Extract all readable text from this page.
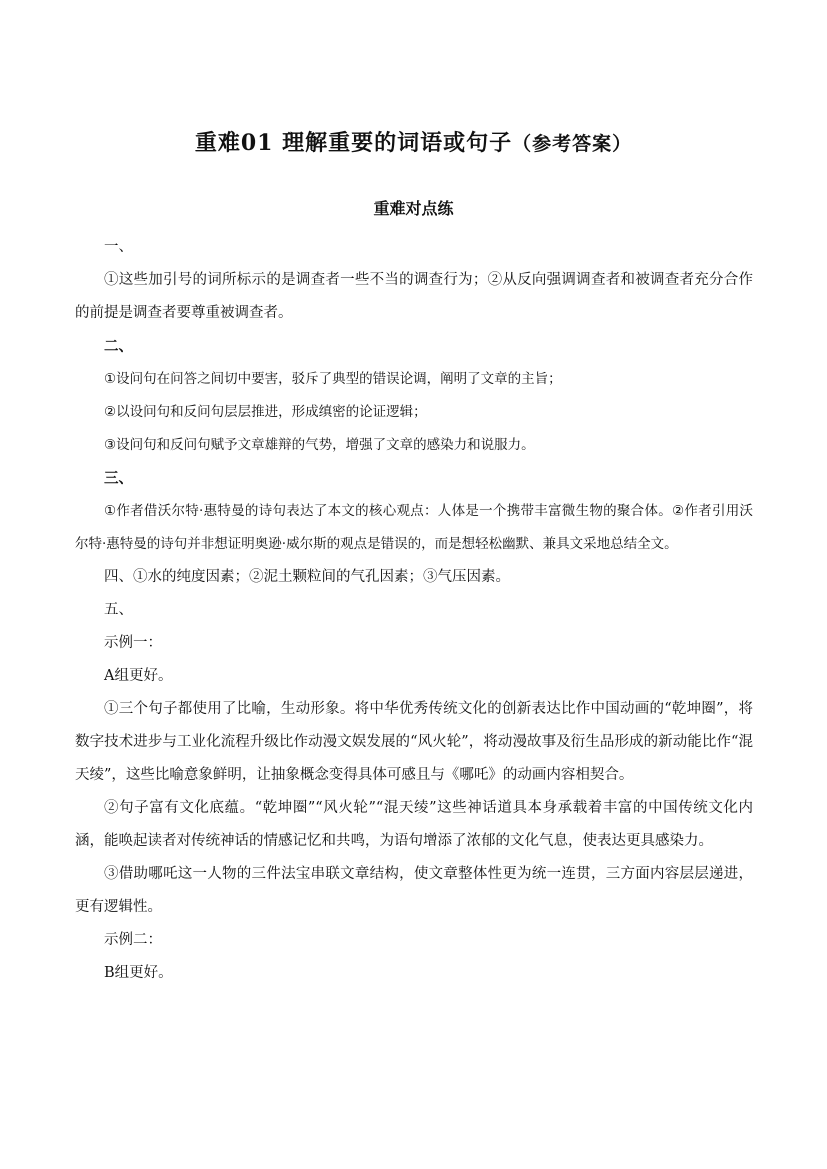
重难01 理解重要的词语或句子（参考答案）
重难对点练

一、

①这些加引号的词所标示的是调查者一些不当的调查行为；②从反向强调调查者和被调查者充分合作的前提是调查者要尊重被调查者。

二、

①设问句在问答之间切中要害，驳斥了典型的错误论调，阐明了文章的主旨；

②以设问句和反问句层层推进，形成缜密的论证逻辑；

③设问句和反问句赋予文章雄辩的气势，增强了文章的感染力和说服力。

三、

①作者借沃尔特·惠特曼的诗句表达了本文的核心观点：人体是一个携带丰富微生物的聚合体。②作者引用沃尔特·惠特曼的诗句并非想证明奥逊·威尔斯的观点是错误的，而是想轻松幽默、兼具文采地总结全文。

四、①水的纯度因素；②泥土颗粒间的气孔因素；③气压因素。

五、

示例一：

A组更好。

①三个句子都使用了比喻，生动形象。将中华优秀传统文化的创新表达比作中国动画的“乾坤圈”，将数字技术进步与工业化流程升级比作动漫文娱发展的“风火轮”，将动漫故事及衍生品形成的新动能比作“混天绫”，这些比喻意象鲜明，让抽象概念变得具体可感且与《哪吒》的动画内容相契合。

②句子富有文化底蕴。“乾坤圈”“风火轮”“混天绫”这些神话道具本身承载着丰富的中国传统文化内涵，能唤起读者对传统神话的情感记忆和共鸣，为语句增添了浓郁的文化气息，使表达更具感染力。

③借助哪吒这一人物的三件法宝串联文章结构，使文章整体性更为统一连贯，三方面内容层层递进，更有逻辑性。

示例二：

B组更好。
